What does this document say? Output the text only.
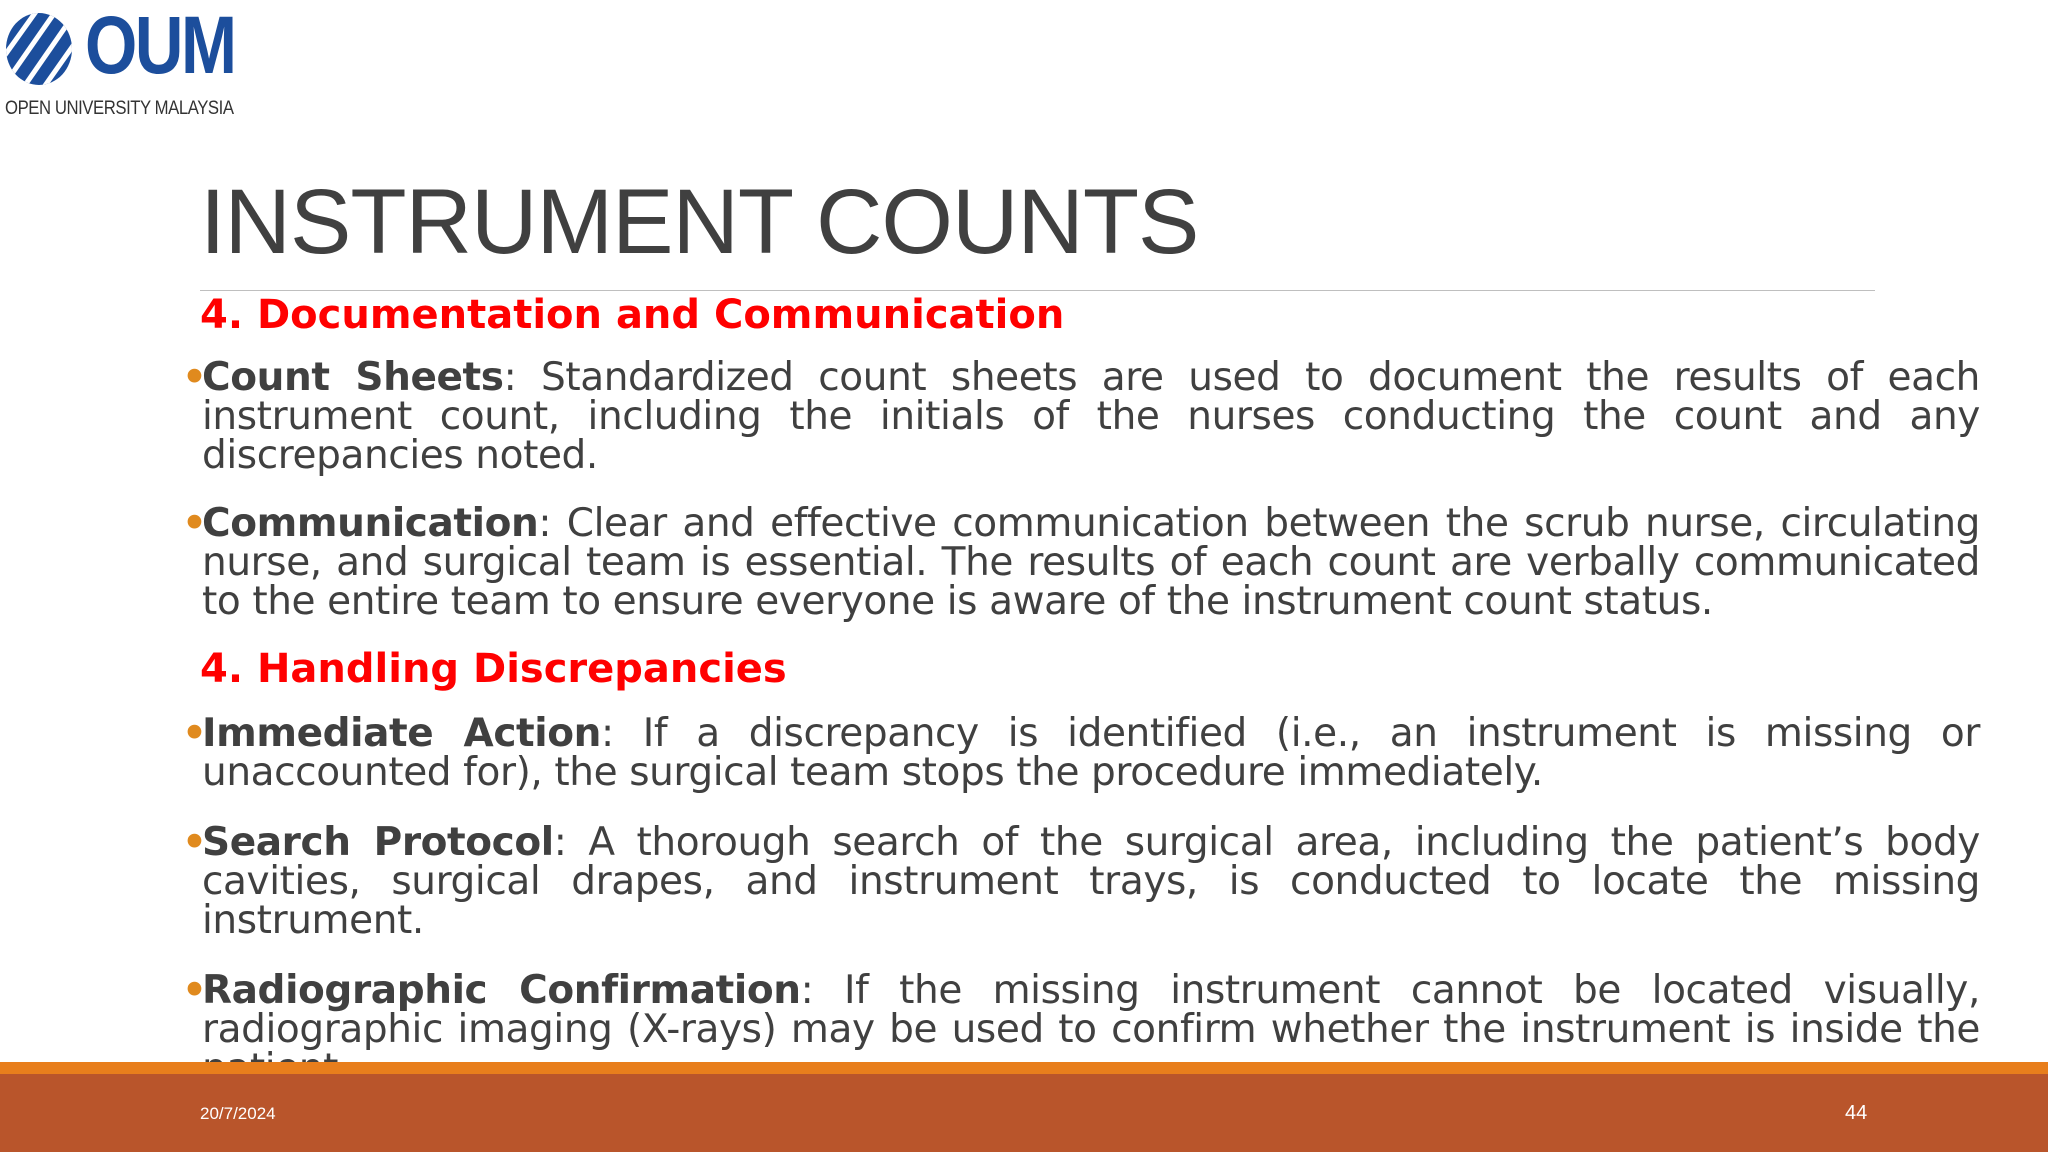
OUM
OPEN UNIVERSITY MALAYSIA
INSTRUMENT COUNTS
4. Documentation and Communication

•
Count Sheets: Standardized count sheets are used to document the results of each instrument count, including the initials of the nurses conducting the count and any discrepancies noted.

•
Communication: Clear and effective communication between the scrub nurse, circulating nurse, and surgical team is essential. The results of each count are verbally communicated to the entire team to ensure everyone is aware of the instrument count status.

4. Handling Discrepancies

•
Immediate Action: If a discrepancy is identified (i.e., an instrument is missing or unaccounted for), the surgical team stops the procedure immediately.

•
Search Protocol: A thorough search of the surgical area, including the patient’s body cavities, surgical drapes, and instrument trays, is conducted to locate the missing instrument.

•
Radiographic Confirmation: If the missing instrument cannot be located visually, radiographic imaging (X-rays) may be used to confirm whether the instrument is inside the

20/7/2024	44
